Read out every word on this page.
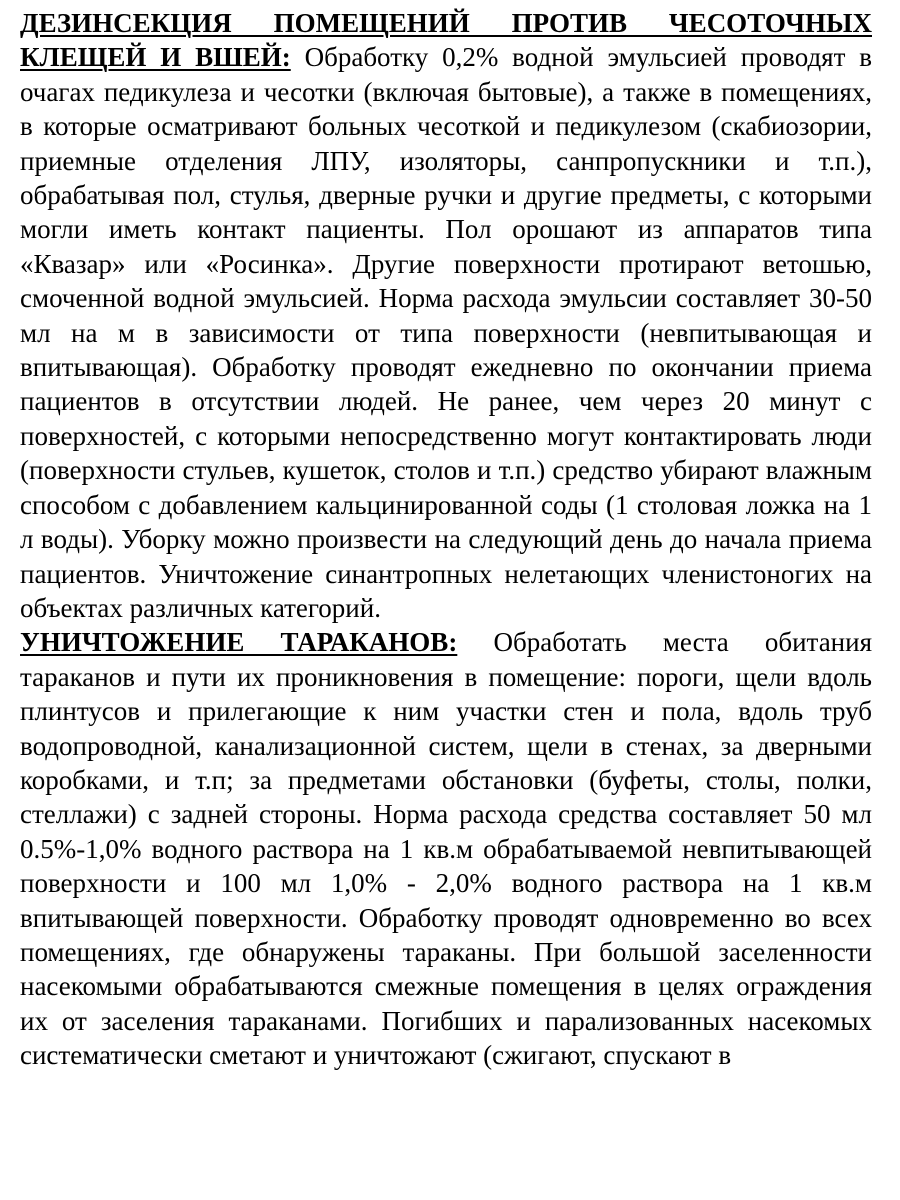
ДЕЗИНСЕКЦИЯ ПОМЕЩЕНИЙ ПРОТИВ ЧЕСОТОЧНЫХ КЛЕЩЕЙ И ВШЕЙ: Обработку 0,2% водной эмульсией проводят в очагах педикулеза и чесотки (включая бытовые), а также в помещениях, в которые осматривают больных чесоткой и педикулезом (скабиозории, приемные отделения ЛПУ, изоляторы, санпропускники и т.п.), обрабатывая пол, стулья, дверные ручки и другие предметы, с которыми могли иметь контакт пациенты. Пол орошают из аппаратов типа «Квазар» или «Росинка». Другие поверхности протирают ветошью, смоченной водной эмульсией. Норма расхода эмульсии составляет 30-50 мл на м в зависимости от типа поверхности (невпитывающая и впитывающая). Обработку проводят ежедневно по окончании приема пациентов в отсутствии людей. Не ранее, чем через 20 минут с поверхностей, с которыми непосредственно могут контактировать люди (поверхности стульев, кушеток, столов и т.п.) средство убирают влажным способом с добавлением кальцинированной соды (1 столовая ложка на 1 л воды). Уборку можно произвести на следующий день до начала приема пациентов. Уничтожение синантропных нелетающих членистоногих на объектах различных категорий.

УНИЧТОЖЕНИЕ ТАРАКАНОВ: Обработать места обитания тараканов и пути их проникновения в помещение: пороги, щели вдоль плинтусов и прилегающие к ним участки стен и пола, вдоль труб водопроводной, канализационной систем, щели в стенах, за дверными коробками, и т.п; за предметами обстановки (буфеты, столы, полки, стеллажи) с задней стороны. Норма расхода средства составляет 50 мл 0.5%-1,0% водного раствора на 1 кв.м обрабатываемой невпитывающей поверхности и 100 мл 1,0% - 2,0% водного раствора на 1 кв.м впитывающей поверхности. Обработку проводят одновременно во всех помещениях, где обнаружены тараканы. При большой заселенности насекомыми обрабатываются смежные помещения в целях ограждения их от заселения тараканами. Погибших и парализованных насекомых систематически сметают и уничтожают (сжигают, спускают в
